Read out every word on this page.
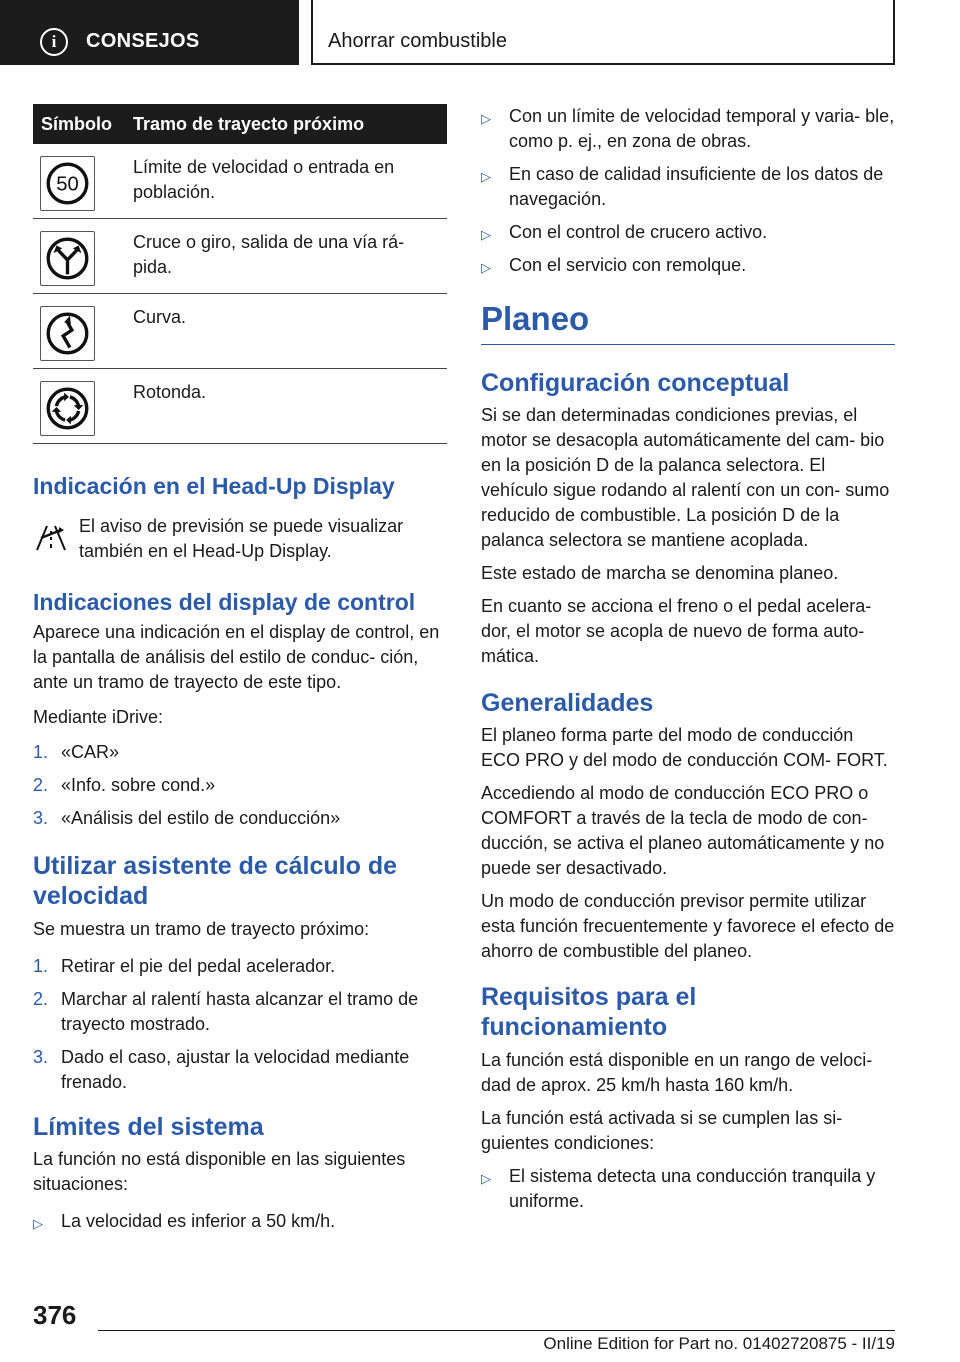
i	CONSEJOS	Ahorrar combustible
Símbolo Tramo de trayecto próximo
50
Límite de velocidad o entrada en población.
Cruce o giro, salida de una vía rá- pida.
Curva.
Rotonda.
Indicación en el Head-Up Display
El aviso de previsión se puede visualizar también en el Head-Up Display.
Indicaciones del display de control

Aparece una indicación en el display de control, en la pantalla de análisis del estilo de conduc- ción, ante un tramo de trayecto de este tipo.

Mediante iDrive:

1. «CAR»
2. «Info. sobre cond.»
3. «Análisis del estilo de conducción»
Utilizar asistente de cálculo de velocidad

Se muestra un tramo de trayecto próximo:

1. Retirar el pie del pedal acelerador.
2. Marchar al ralentí hasta alcanzar el tramo de trayecto mostrado.
3. Dado el caso, ajustar la velocidad mediante frenado.
Límites del sistema

La función no está disponible en las siguientes situaciones:

▷ La velocidad es inferior a 50 km/h.
▷ Con un límite de velocidad temporal y varia- ble, como p. ej., en zona de obras.
▷ En caso de calidad insuficiente de los datos de navegación.
▷ Con el control de crucero activo.
▷ Con el servicio con remolque.
Planeo
Configuración conceptual

Si se dan determinadas condiciones previas, el motor se desacopla automáticamente del cam- bio en la posición D de la palanca selectora. El vehículo sigue rodando al ralentí con un con- sumo reducido de combustible. La posición D de la palanca selectora se mantiene acoplada.

Este estado de marcha se denomina planeo.

En cuanto se acciona el freno o el pedal acelera- dor, el motor se acopla de nuevo de forma auto- mática.

Generalidades

El planeo forma parte del modo de conducción ECO PRO y del modo de conducción COM- FORT.

Accediendo al modo de conducción ECO PRO o COMFORT a través de la tecla de modo de con- ducción, se activa el planeo automáticamente y no puede ser desactivado.

Un modo de conducción previsor permite utilizar esta función frecuentemente y favorece el efecto de ahorro de combustible del planeo.

Requisitos para el funcionamiento

La función está disponible en un rango de veloci- dad de aprox. 25 km/h hasta 160 km/h.

La función está activada si se cumplen las si- guientes condiciones:

▷ El sistema detecta una conducción tranquila y uniforme.
376
Online Edition for Part no. 01402720875 - II/19
